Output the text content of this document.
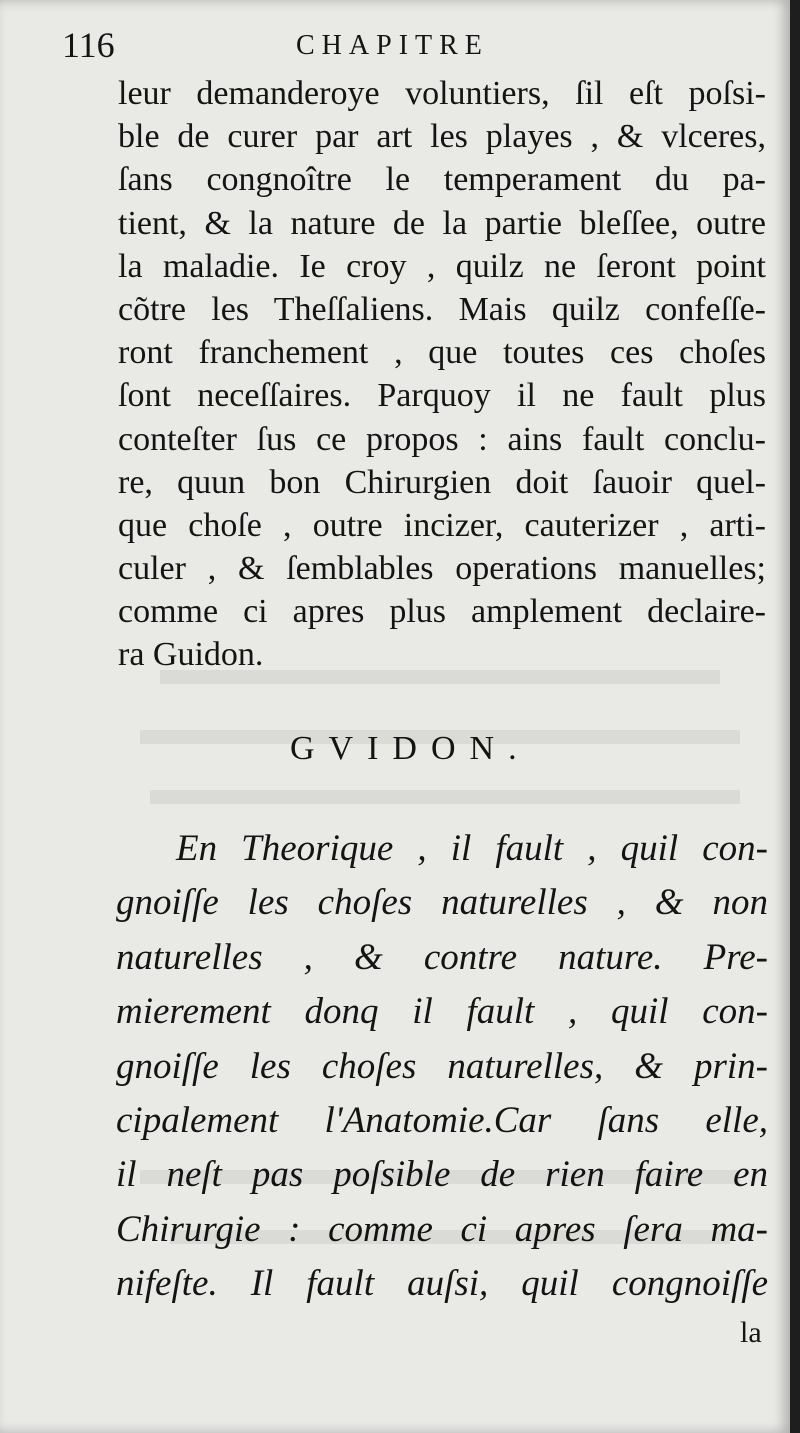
116	CHAPITRE
leur demanderoye voluntiers, ſil eſt poſsi-
ble de curer par art les playes , & vlceres,
ſans congnoître le temperament du pa-
tient, & la nature de la partie bleſſee, outre
la maladie. Ie croy , quilz ne ſeront point
cõtre les Theſſaliens. Mais quilz confeſſe-
ront franchement , que toutes ces choſes
ſont neceſſaires. Parquoy il ne fault plus
conteſter ſus ce propos : ains fault conclu-
re, quun bon Chirurgien doit ſauoir quel-
que choſe , outre incizer, cauterizer , arti-
culer , & ſemblables operations manuelles;
comme ci apres plus amplement declaire-
ra Guidon.
GVIDON.
En Theorique , il fault , quil con-
gnoiſſe les choſes naturelles , & non
naturelles , & contre nature. Pre-
mierement donq il fault , quil con-
gnoiſſe les choſes naturelles, & prin-
cipalement l'Anatomie.Car ſans elle,
il neſt pas poſsible de rien faire en
Chirurgie : comme ci apres ſera ma-
nifeſte. Il fault auſsi, quil congnoiſſe
la
